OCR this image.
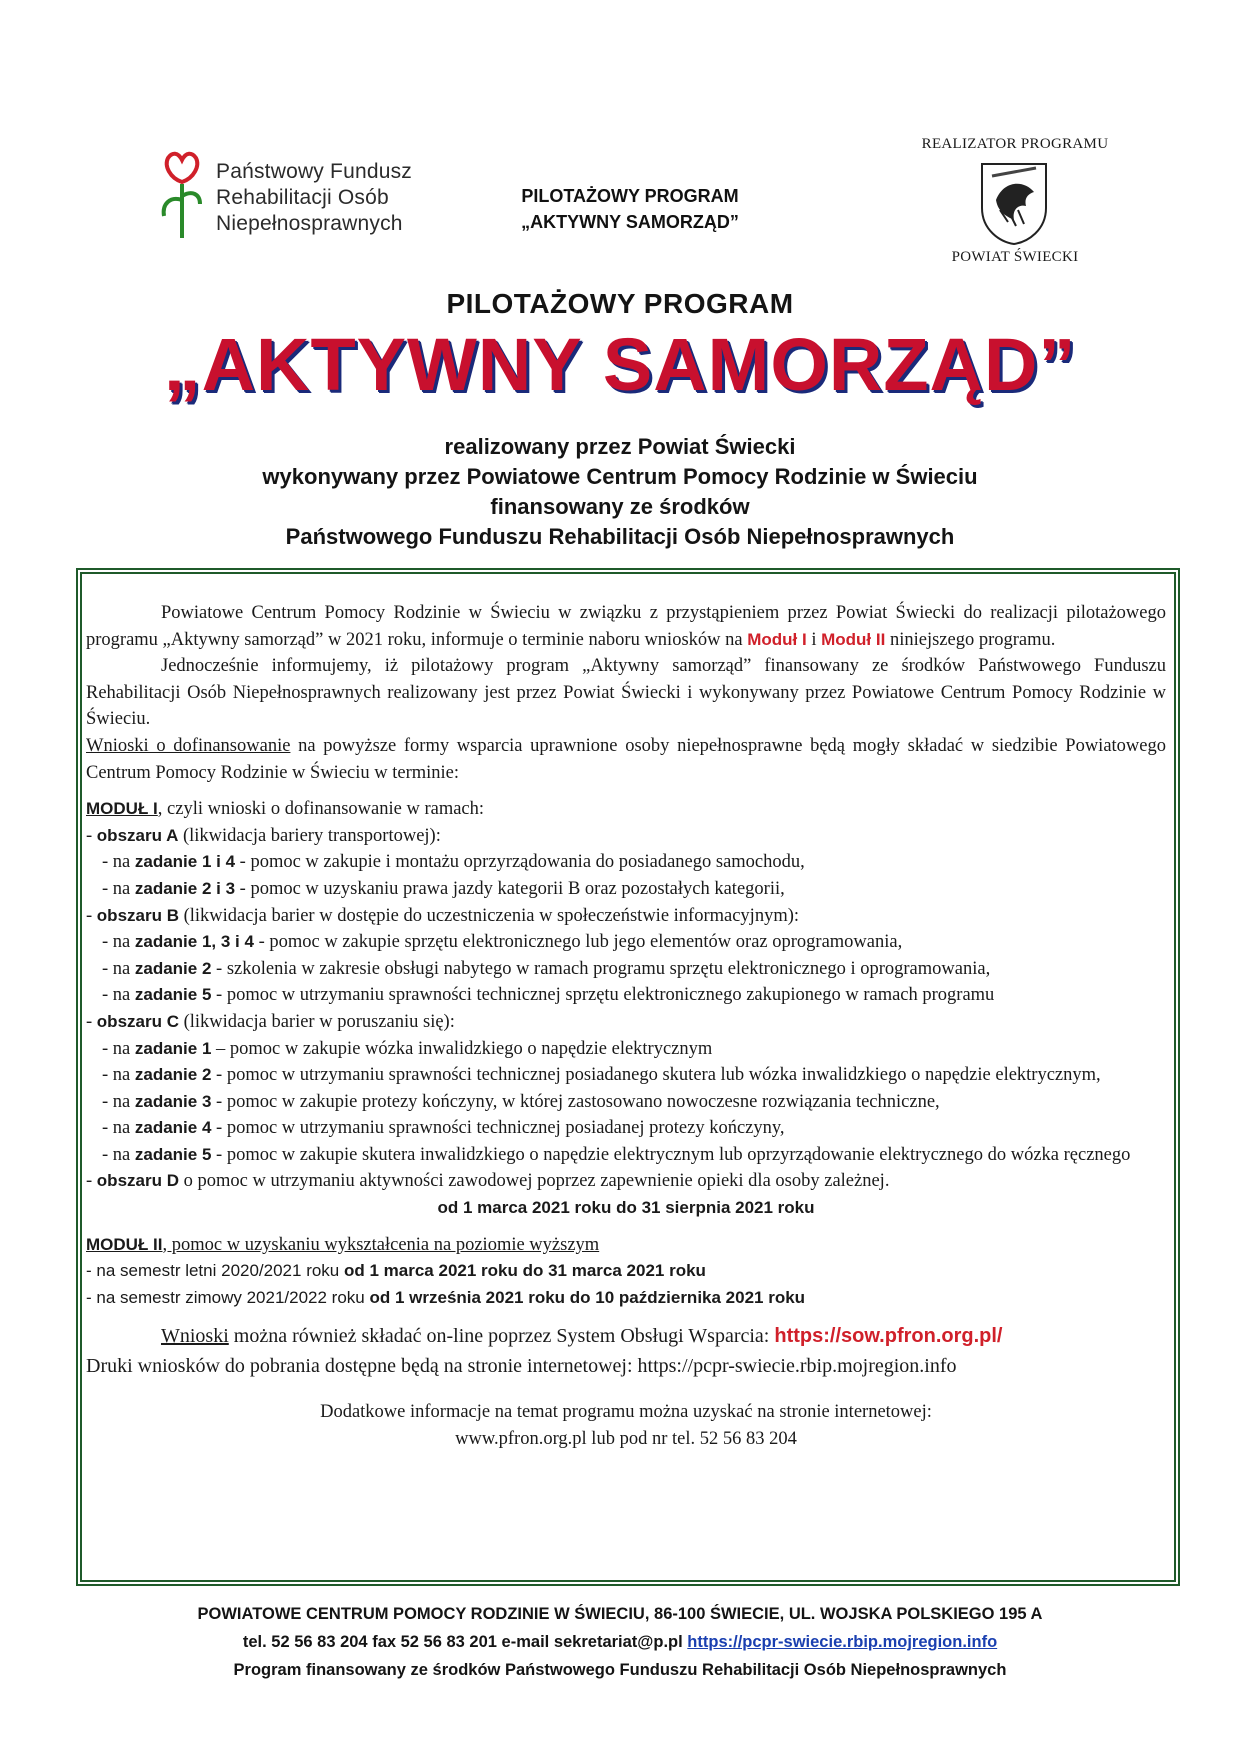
Państwowy Fundusz
Rehabilitacji Osób
Niepełnosprawnych
PILOTAŻOWY PROGRAM
„AKTYWNY SAMORZĄD”
REALIZATOR PROGRAMU
POWIAT ŚWIECKI
PILOTAŻOWY PROGRAM
„AKTYWNY SAMORZĄD”
realizowany przez Powiat Świecki
wykonywany przez Powiatowe Centrum Pomocy Rodzinie w Świeciu
finansowany ze środków
Państwowego Funduszu Rehabilitacji Osób Niepełnosprawnych

Powiatowe Centrum Pomocy Rodzinie w Świeciu w związku z przystąpieniem przez Powiat Świecki do realizacji pilotażowego programu „Aktywny samorząd” w 2021 roku, informuje o terminie naboru wniosków na Moduł I i Moduł II niniejszego programu.

Jednocześnie informujemy, iż pilotażowy program „Aktywny samorząd” finansowany ze środków Państwowego Funduszu Rehabilitacji Osób Niepełnosprawnych realizowany jest przez Powiat Świecki i wykonywany przez Powiatowe Centrum Pomocy Rodzinie w Świeciu.

Wnioski o dofinansowanie na powyższe formy wsparcia uprawnione osoby niepełnosprawne będą mogły składać w siedzibie Powiatowego Centrum Pomocy Rodzinie w Świeciu w terminie:

MODUŁ I, czyli wnioski o dofinansowanie w ramach:

- obszaru A (likwidacja bariery transportowej):

- na zadanie 1 i 4 - pomoc w zakupie i montażu oprzyrządowania do posiadanego samochodu,

- na zadanie 2 i 3 - pomoc w uzyskaniu prawa jazdy kategorii B oraz pozostałych kategorii,

- obszaru B (likwidacja barier w dostępie do uczestniczenia w społeczeństwie informacyjnym):

- na zadanie 1, 3 i 4 - pomoc w zakupie sprzętu elektronicznego lub jego elementów oraz oprogramowania,

- na zadanie 2 - szkolenia w zakresie obsługi nabytego w ramach programu sprzętu elektronicznego i oprogramowania,

- na zadanie 5 - pomoc w utrzymaniu sprawności technicznej sprzętu elektronicznego zakupionego w ramach programu

- obszaru C (likwidacja barier w poruszaniu się):

- na zadanie 1 – pomoc w zakupie wózka inwalidzkiego o napędzie elektrycznym

- na zadanie 2 - pomoc w utrzymaniu sprawności technicznej posiadanego skutera lub wózka inwalidzkiego o napędzie elektrycznym,

- na zadanie 3 - pomoc w zakupie protezy kończyny, w której zastosowano nowoczesne rozwiązania techniczne,

- na zadanie 4 - pomoc w utrzymaniu sprawności technicznej posiadanej protezy kończyny,

- na zadanie 5 - pomoc w zakupie skutera inwalidzkiego o napędzie elektrycznym lub oprzyrządowanie elektrycznego do wózka ręcznego

- obszaru D o pomoc w utrzymaniu aktywności zawodowej poprzez zapewnienie opieki dla osoby zależnej.

od 1 marca 2021 roku do 31 sierpnia 2021 roku

MODUŁ II, pomoc w uzyskaniu wykształcenia na poziomie wyższym

- na semestr letni 2020/2021 roku od 1 marca 2021 roku do 31 marca 2021 roku

- na semestr zimowy 2021/2022 roku od 1 września 2021 roku do 10 października 2021 roku

Wnioski można również składać on-line poprzez System Obsługi Wsparcia: https://sow.pfron.org.pl/

Druki wniosków do pobrania dostępne będą na stronie internetowej: https://pcpr-swiecie.rbip.mojregion.info

Dodatkowe informacje na temat programu można uzyskać na stronie internetowej:

www.pfron.org.pl lub pod nr tel. 52 56 83 204

POWIATOWE CENTRUM POMOCY RODZINIE W ŚWIECIU, 86-100 ŚWIECIE, UL. WOJSKA POLSKIEGO 195 A
tel. 52 56 83 204 fax 52 56 83 201 e-mail sekretariat@p.pl https://pcpr-swiecie.rbip.mojregion.info
Program finansowany ze środków Państwowego Funduszu Rehabilitacji Osób Niepełnosprawnych
